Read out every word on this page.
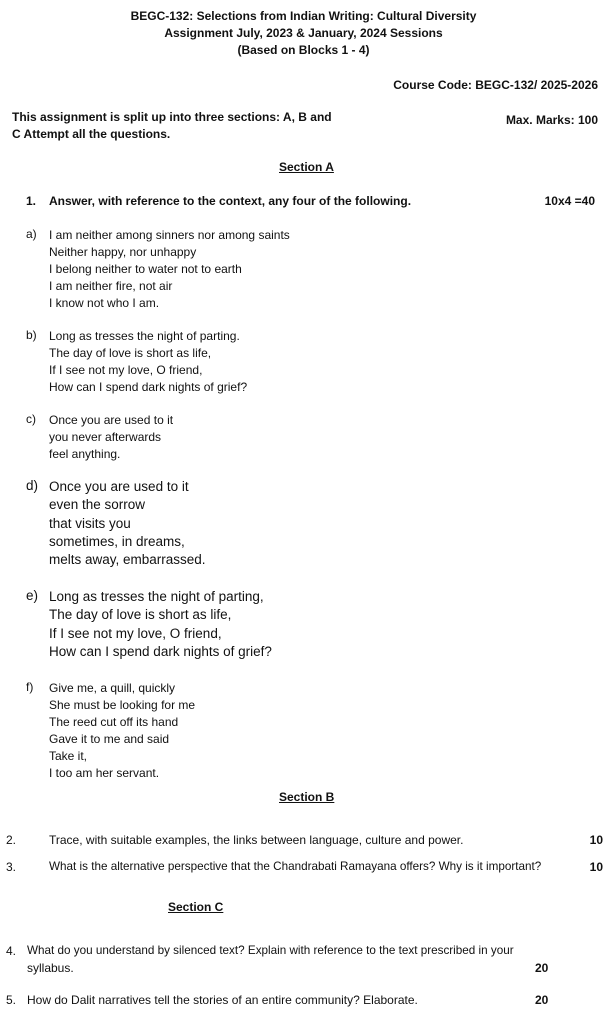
BEGC-132: Selections from Indian Writing: Cultural Diversity
Assignment July, 2023 & January, 2024 Sessions
(Based on Blocks 1 - 4)
Course Code: BEGC-132/ 2025-2026
This assignment is split up into three sections: A, B and
C Attempt all the questions.
Max. Marks: 100
Section A
1. Answer, with reference to the context, any four of the following.	10x4 =40
a) I am neither among sinners nor among saints
Neither happy, nor unhappy
I belong neither to water not to earth
I am neither fire, not air
I know not who I am.
b) Long as tresses the night of parting.
The day of love is short as life,
If I see not my love, O friend,
How can I spend dark nights of grief?
c) Once you are used to it
you never afterwards
feel anything.
d) Once you are used to it
even the sorrow
that visits you
sometimes, in dreams,
melts away, embarrassed.
e) Long as tresses the night of parting,
The day of love is short as life,
If I see not my love, O friend,
How can I spend dark nights of grief?
f) Give me, a quill, quickly
She must be looking for me
The reed cut off its hand
Gave it to me and said
Take it,
I too am her servant.
Section B
2.	Trace, with suitable examples, the links between language, culture and power.	10
3.	What is the alternative perspective that the Chandrabati Ramayana offers? Why is it important?	10
Section C
4. What do you understand by silenced text? Explain with reference to the text prescribed in your
syllabus.	20
5. How do Dalit narratives tell the stories of an entire community? Elaborate.	20
